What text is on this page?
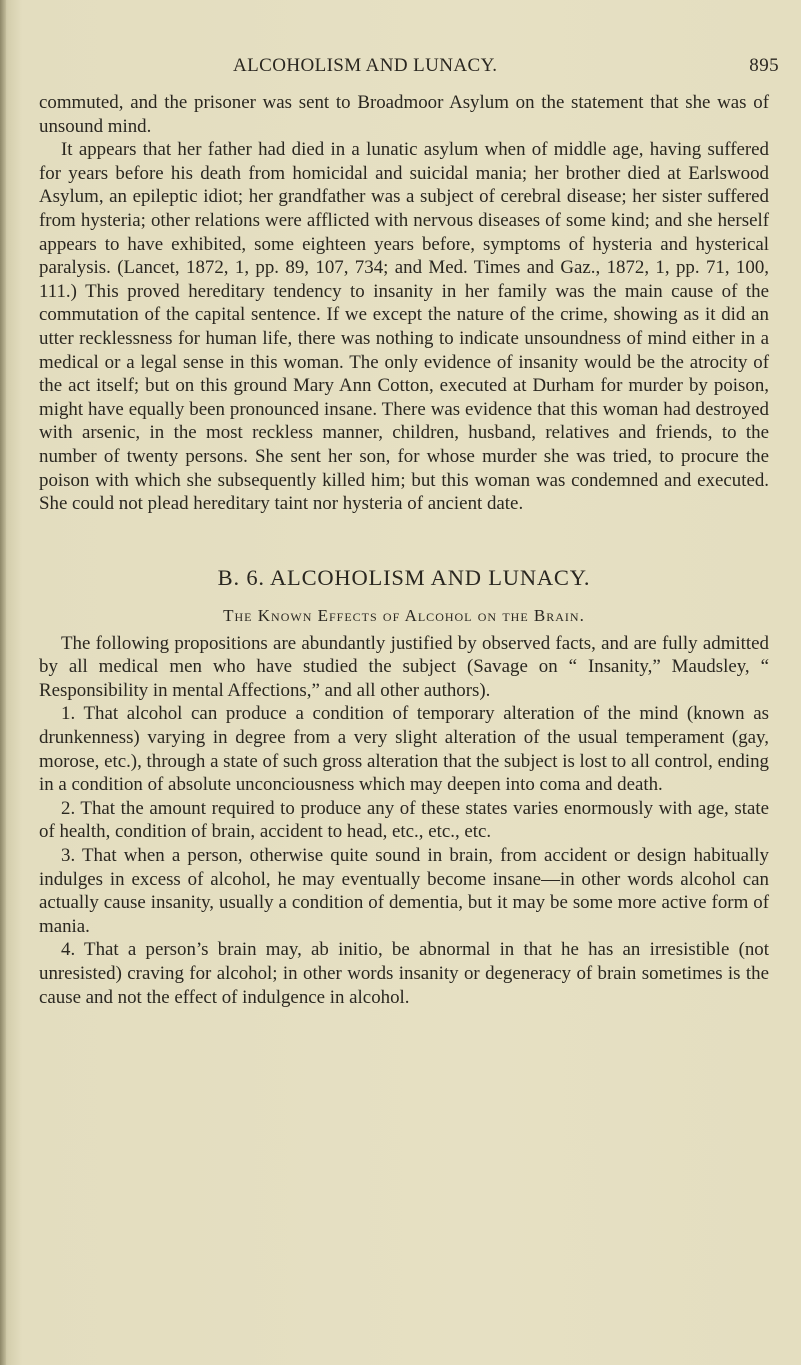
ALCOHOLISM AND LUNACY.	895

commuted, and the prisoner was sent to Broadmoor Asylum on the statement that she was of unsound mind.

It appears that her father had died in a lunatic asylum when of middle age, having suffered for years before his death from homicidal and suicidal mania; her brother died at Earlswood Asylum, an epileptic idiot; her grandfather was a subject of cerebral disease; her sister suffered from hysteria; other relations were afflicted with nervous diseases of some kind; and she herself appears to have exhibited, some eighteen years before, symptoms of hysteria and hysterical paralysis. (Lancet, 1872, 1, pp. 89, 107, 734; and Med. Times and Gaz., 1872, 1, pp. 71, 100, 111.) This proved hereditary tendency to insanity in her family was the main cause of the commutation of the capital sentence. If we except the nature of the crime, showing as it did an utter recklessness for human life, there was nothing to indicate unsoundness of mind either in a medical or a legal sense in this woman. The only evidence of insanity would be the atrocity of the act itself; but on this ground Mary Ann Cotton, executed at Durham for murder by poison, might have equally been pronounced insane. There was evidence that this woman had destroyed with arsenic, in the most reckless manner, children, husband, relatives and friends, to the number of twenty persons. She sent her son, for whose murder she was tried, to procure the poison with which she subsequently killed him; but this woman was condemned and executed. She could not plead hereditary taint nor hysteria of ancient date.

B. 6. ALCOHOLISM AND LUNACY.
The Known Effects of Alcohol on the Brain.

The following propositions are abundantly justified by observed facts, and are fully admitted by all medical men who have studied the subject (Savage on “ Insanity,” Maudsley, “ Responsibility in mental Affections,” and all other authors).

1. That alcohol can produce a condition of temporary alteration of the mind (known as drunkenness) varying in degree from a very slight alteration of the usual temperament (gay, morose, etc.), through a state of such gross alteration that the subject is lost to all control, ending in a condition of absolute unconciousness which may deepen into coma and death.

2. That the amount required to produce any of these states varies enormously with age, state of health, condition of brain, accident to head, etc., etc., etc.

3. That when a person, otherwise quite sound in brain, from accident or design habitually indulges in excess of alcohol, he may eventually become insane—in other words alcohol can actually cause insanity, usually a condition of dementia, but it may be some more active form of mania.

4. That a person’s brain may, ab initio, be abnormal in that he has an irresistible (not unresisted) craving for alcohol; in other words insanity or degeneracy of brain sometimes is the cause and not the effect of indulgence in alcohol.
